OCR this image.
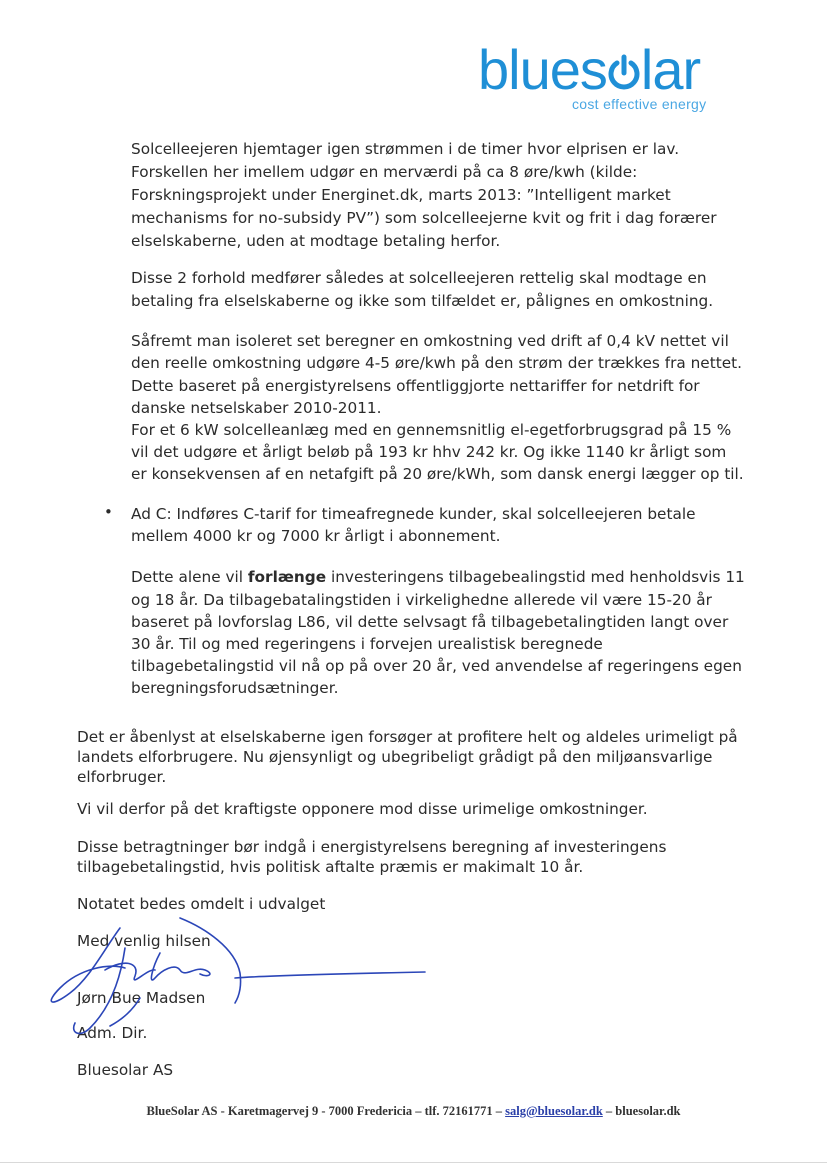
blues lar
cost effective energy

Solcelleejeren hjemtager igen strømmen i de timer hvor elprisen er lav.

Forskellen her imellem udgør en merværdi på ca 8 øre/kwh (kilde:

Forskningsprojekt under Energinet.dk, marts 2013: ”Intelligent market

mechanisms for no-subsidy PV”) som solcelleejerne kvit og frit i dag forærer

elselskaberne, uden at modtage betaling herfor.

Disse 2 forhold medfører således at solcelleejeren rettelig skal modtage en

betaling fra elselskaberne og ikke som tilfældet er, pålignes en omkostning.

Såfremt man isoleret set beregner en omkostning ved drift af 0,4 kV nettet vil

den reelle omkostning udgøre 4-5 øre/kwh på den strøm der trækkes fra nettet.

Dette baseret på energistyrelsens offentliggjorte nettariffer for netdrift for

danske netselskaber 2010-2011.

For et 6 kW solcelleanlæg med en gennemsnitlig el-egetforbrugsgrad på 15 %

vil det udgøre et årligt beløb på 193 kr hhv 242 kr. Og ikke 1140 kr årligt som

er konsekvensen af en netafgift på 20 øre/kWh, som dansk energi lægger op til.

• Ad C: Indføres C-tarif for timeafregnede kunder, skal solcelleejeren betale

mellem 4000 kr og 7000 kr årligt i abonnement.

Dette alene vil forlænge investeringens tilbagebealingstid med henholdsvis 11

og 18 år. Da tilbagebatalingstiden i virkelighedne allerede vil være 15-20 år

baseret på lovforslag L86, vil dette selvsagt få tilbagebetalingtiden langt over

30 år. Til og med regeringens i forvejen urealistisk beregnede

tilbagebetalingstid vil nå op på over 20 år, ved anvendelse af regeringens egen

beregningsforudsætninger.

Det er åbenlyst at elselskaberne igen forsøger at profitere helt og aldeles urimeligt på

landets elforbrugere. Nu øjensynligt og ubegribeligt grådigt på den miljøansvarlige

elforbruger.

Vi vil derfor på det kraftigste opponere mod disse urimelige omkostninger.

Disse betragtninger bør indgå i energistyrelsens beregning af investeringens

tilbagebetalingstid, hvis politisk aftalte præmis er makimalt 10 år.

Notatet bedes omdelt i udvalget

Med venlig hilsen

Jørn Bue Madsen

Adm. Dir.

Bluesolar AS

BlueSolar AS - Karetmagervej 9 - 7000 Fredericia – tlf. 72161771 – salg@bluesolar.dk – bluesolar.dk
